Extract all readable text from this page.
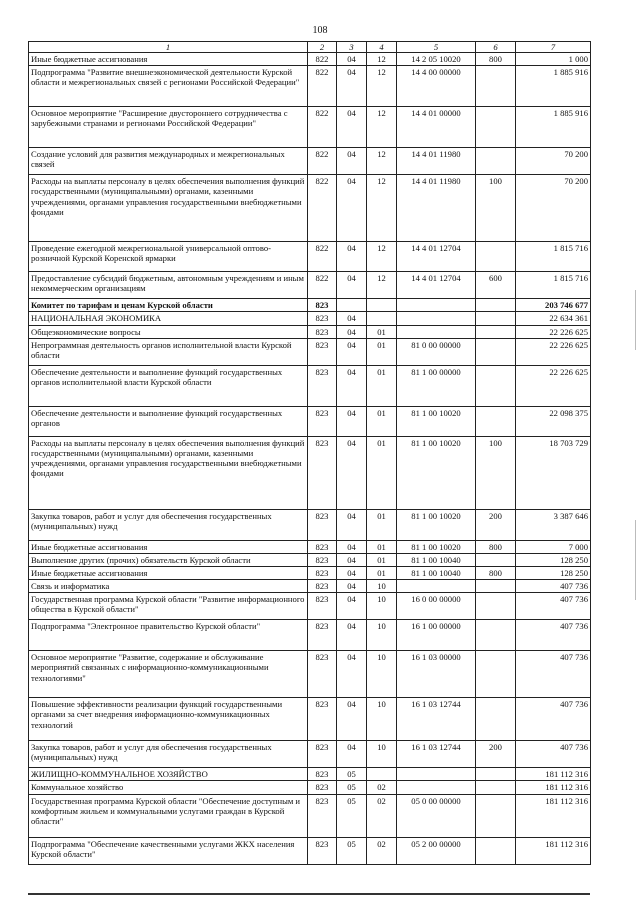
108
1	2	3	4	5	6	7
Иные бюджетные ассигнования	822	04	12	14 2 05 10020	800	1 000
Подпрограмма "Развитие внешнеэкономической деятельности Курской области и межрегиональных связей с регионами Российской Федерации"	822	04	12	14 4 00 00000		1 885 916
Основное мероприятие "Расширение двустороннего сотрудничества с зарубежными странами и регионами Российской Федерации"	822	04	12	14 4 01 00000		1 885 916
Создание условий для развития международных и межрегиональных связей	822	04	12	14 4 01 11980		70 200
Расходы на выплаты персоналу в целях обеспечения выполнения функций государственными (муниципальными) органами, казенными учреждениями, органами управления государственными внебюджетными фондами	822	04	12	14 4 01 11980	100	70 200
Проведение ежегодной межрегиональной универсальной оптово-розничной Курской Коренской ярмарки	822	04	12	14 4 01 12704		1 815 716
Предоставление субсидий бюджетным, автономным учреждениям и иным некоммерческим организациям	822	04	12	14 4 01 12704	600	1 815 716
Комитет по тарифам и ценам Курской области	823					203 746 677
НАЦИОНАЛЬНАЯ ЭКОНОМИКА	823	04				22 634 361
Общеэкономические вопросы	823	04	01			22 226 625
Непрограммная деятельность органов исполнительной власти Курской области	823	04	01	81 0 00 00000		22 226 625
Обеспечение деятельности и выполнение функций государственных органов исполнительной власти Курской области	823	04	01	81 1 00 00000		22 226 625
Обеспечение деятельности и выполнение функций государственных органов	823	04	01	81 1 00 10020		22 098 375
Расходы на выплаты персоналу в целях обеспечения выполнения функций государственными (муниципальными) органами, казенными учреждениями, органами управления государственными внебюджетными фондами	823	04	01	81 1 00 10020	100	18 703 729
Закупка товаров, работ и услуг для обеспечения государственных (муниципальных) нужд	823	04	01	81 1 00 10020	200	3 387 646
Иные бюджетные ассигнования	823	04	01	81 1 00 10020	800	7 000
Выполнение других (прочих) обязательств Курской области	823	04	01	81 1 00 10040		128 250
Иные бюджетные ассигнования	823	04	01	81 1 00 10040	800	128 250
Связь и информатика	823	04	10			407 736
Государственная программа Курской области "Развитие информационного общества в Курской области"	823	04	10	16 0 00 00000		407 736
Подпрограмма "Электронное правительство Курской области"	823	04	10	16 1 00 00000		407 736
Основное мероприятие "Развитие, содержание и обслуживание мероприятий связанных с информационно-коммуникационными технологиями"	823	04	10	16 1 03 00000		407 736
Повышение эффективности реализации функций государственными органами за счет внедрения информационно-коммуникационных технологий	823	04	10	16 1 03 12744		407 736
Закупка товаров, работ и услуг для обеспечения государственных (муниципальных) нужд	823	04	10	16 1 03 12744	200	407 736
ЖИЛИЩНО-КОММУНАЛЬНОЕ ХОЗЯЙСТВО	823	05				181 112 316
Коммунальное хозяйство	823	05	02			181 112 316
Государственная программа Курской области "Обеспечение доступным и комфортным жильем и коммунальными услугами граждан в Курской области"	823	05	02	05 0 00 00000		181 112 316
Подпрограмма "Обеспечение качественными услугами ЖКХ населения Курской области"	823	05	02	05 2 00 00000		181 112 316
